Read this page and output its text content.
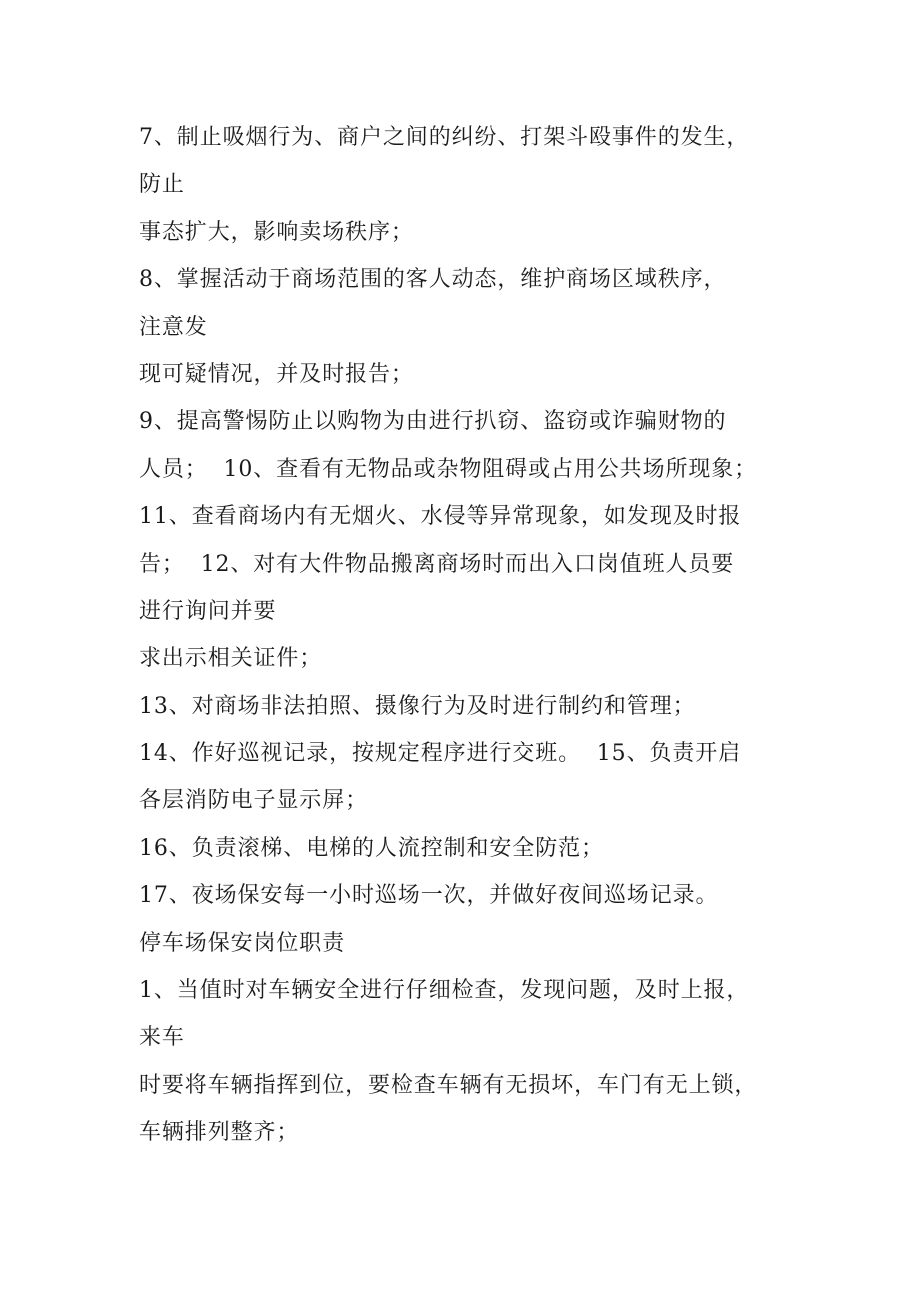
7、制止吸烟行为、商户之间的纠纷、打架斗殴事件的发生，
防止
事态扩大，影响卖场秩序；
8、掌握活动于商场范围的客人动态，维护商场区域秩序，
注意发
现可疑情况，并及时报告；
9、提高警惕防止以购物为由进行扒窃、盗窃或诈骗财物的
人员；  10、查看有无物品或杂物阻碍或占用公共场所现象；
11、查看商场内有无烟火、水侵等异常现象，如发现及时报
告；  12、对有大件物品搬离商场时而出入口岗值班人员要
进行询问并要
求出示相关证件；
13、对商场非法拍照、摄像行为及时进行制约和管理；
14、作好巡视记录，按规定程序进行交班。  15、负责开启
各层消防电子显示屏；
16、负责滚梯、电梯的人流控制和安全防范；
17、夜场保安每一小时巡场一次，并做好夜间巡场记录。
停车场保安岗位职责
1、当值时对车辆安全进行仔细检查，发现问题，及时上报，
来车
时要将车辆指挥到位，要检查车辆有无损坏，车门有无上锁，
车辆排列整齐；
